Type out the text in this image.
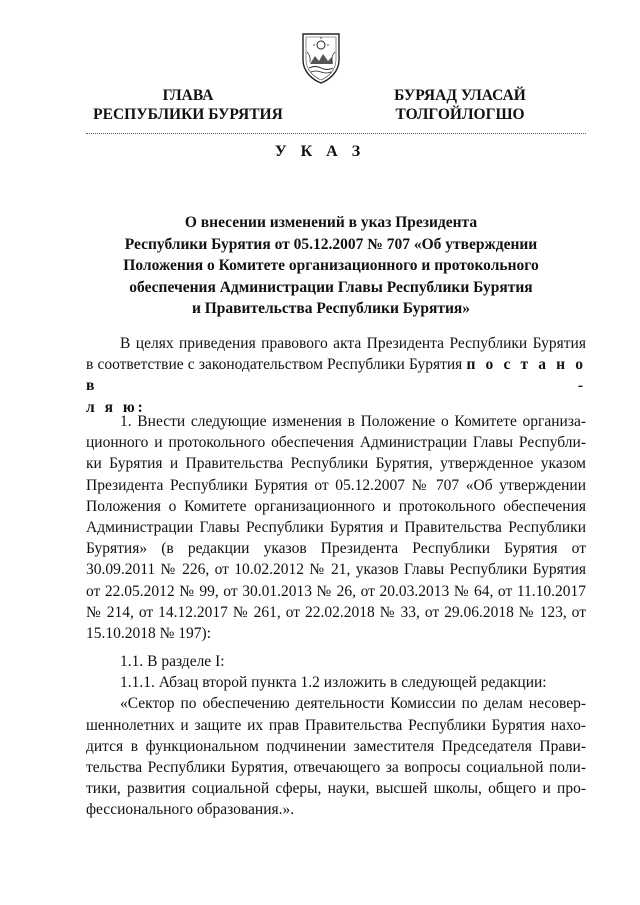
ГЛАВА
РЕСПУБЛИКИ БУРЯТИЯ
БУРЯАД УЛАСАЙ
ТОЛГОЙЛОГШО
У К А З
О внесении изменений в указ Президента
Республики Бурятия от 05.12.2007 № 707 «Об утверждении
Положения о Комитете организационного и протокольного
обеспечения Администрации Главы Республики Бурятия
и Правительства Республики Бурятия»
В целях приведения правового акта Президента Республики Бурятия
в соответствие с законодательством Республики Бурятия п о с т а н о в -
л я ю:
1. Внести следующие изменения в Положение о Комитете организа-
ционного и протокольного обеспечения Администрации Главы Республи-
ки Бурятия и Правительства Республики Бурятия, утвержденное указом
Президента Республики Бурятия от 05.12.2007 № 707 «Об утверждении
Положения о Комитете организационного и протокольного обеспечения
Администрации Главы Республики Бурятия и Правительства Республики
Бурятия» (в редакции указов Президента Республики Бурятия от
30.09.2011 № 226, от 10.02.2012 № 21, указов Главы Республики Бурятия
от 22.05.2012 № 99, от 30.01.2013 № 26, от 20.03.2013 № 64, от 11.10.2017
№ 214, от 14.12.2017 № 261, от 22.02.2018 № 33, от 29.06.2018 № 123, от
15.10.2018 № 197):
1.1. В разделе I:
1.1.1. Абзац второй пункта 1.2 изложить в следующей редакции:
«Сектор по обеспечению деятельности Комиссии по делам несовер-
шеннолетних и защите их прав Правительства Республики Бурятия нахо-
дится в функциональном подчинении заместителя Председателя Прави-
тельства Республики Бурятия, отвечающего за вопросы социальной поли-
тики, развития социальной сферы, науки, высшей школы, общего и про-
фессионального образования.».
